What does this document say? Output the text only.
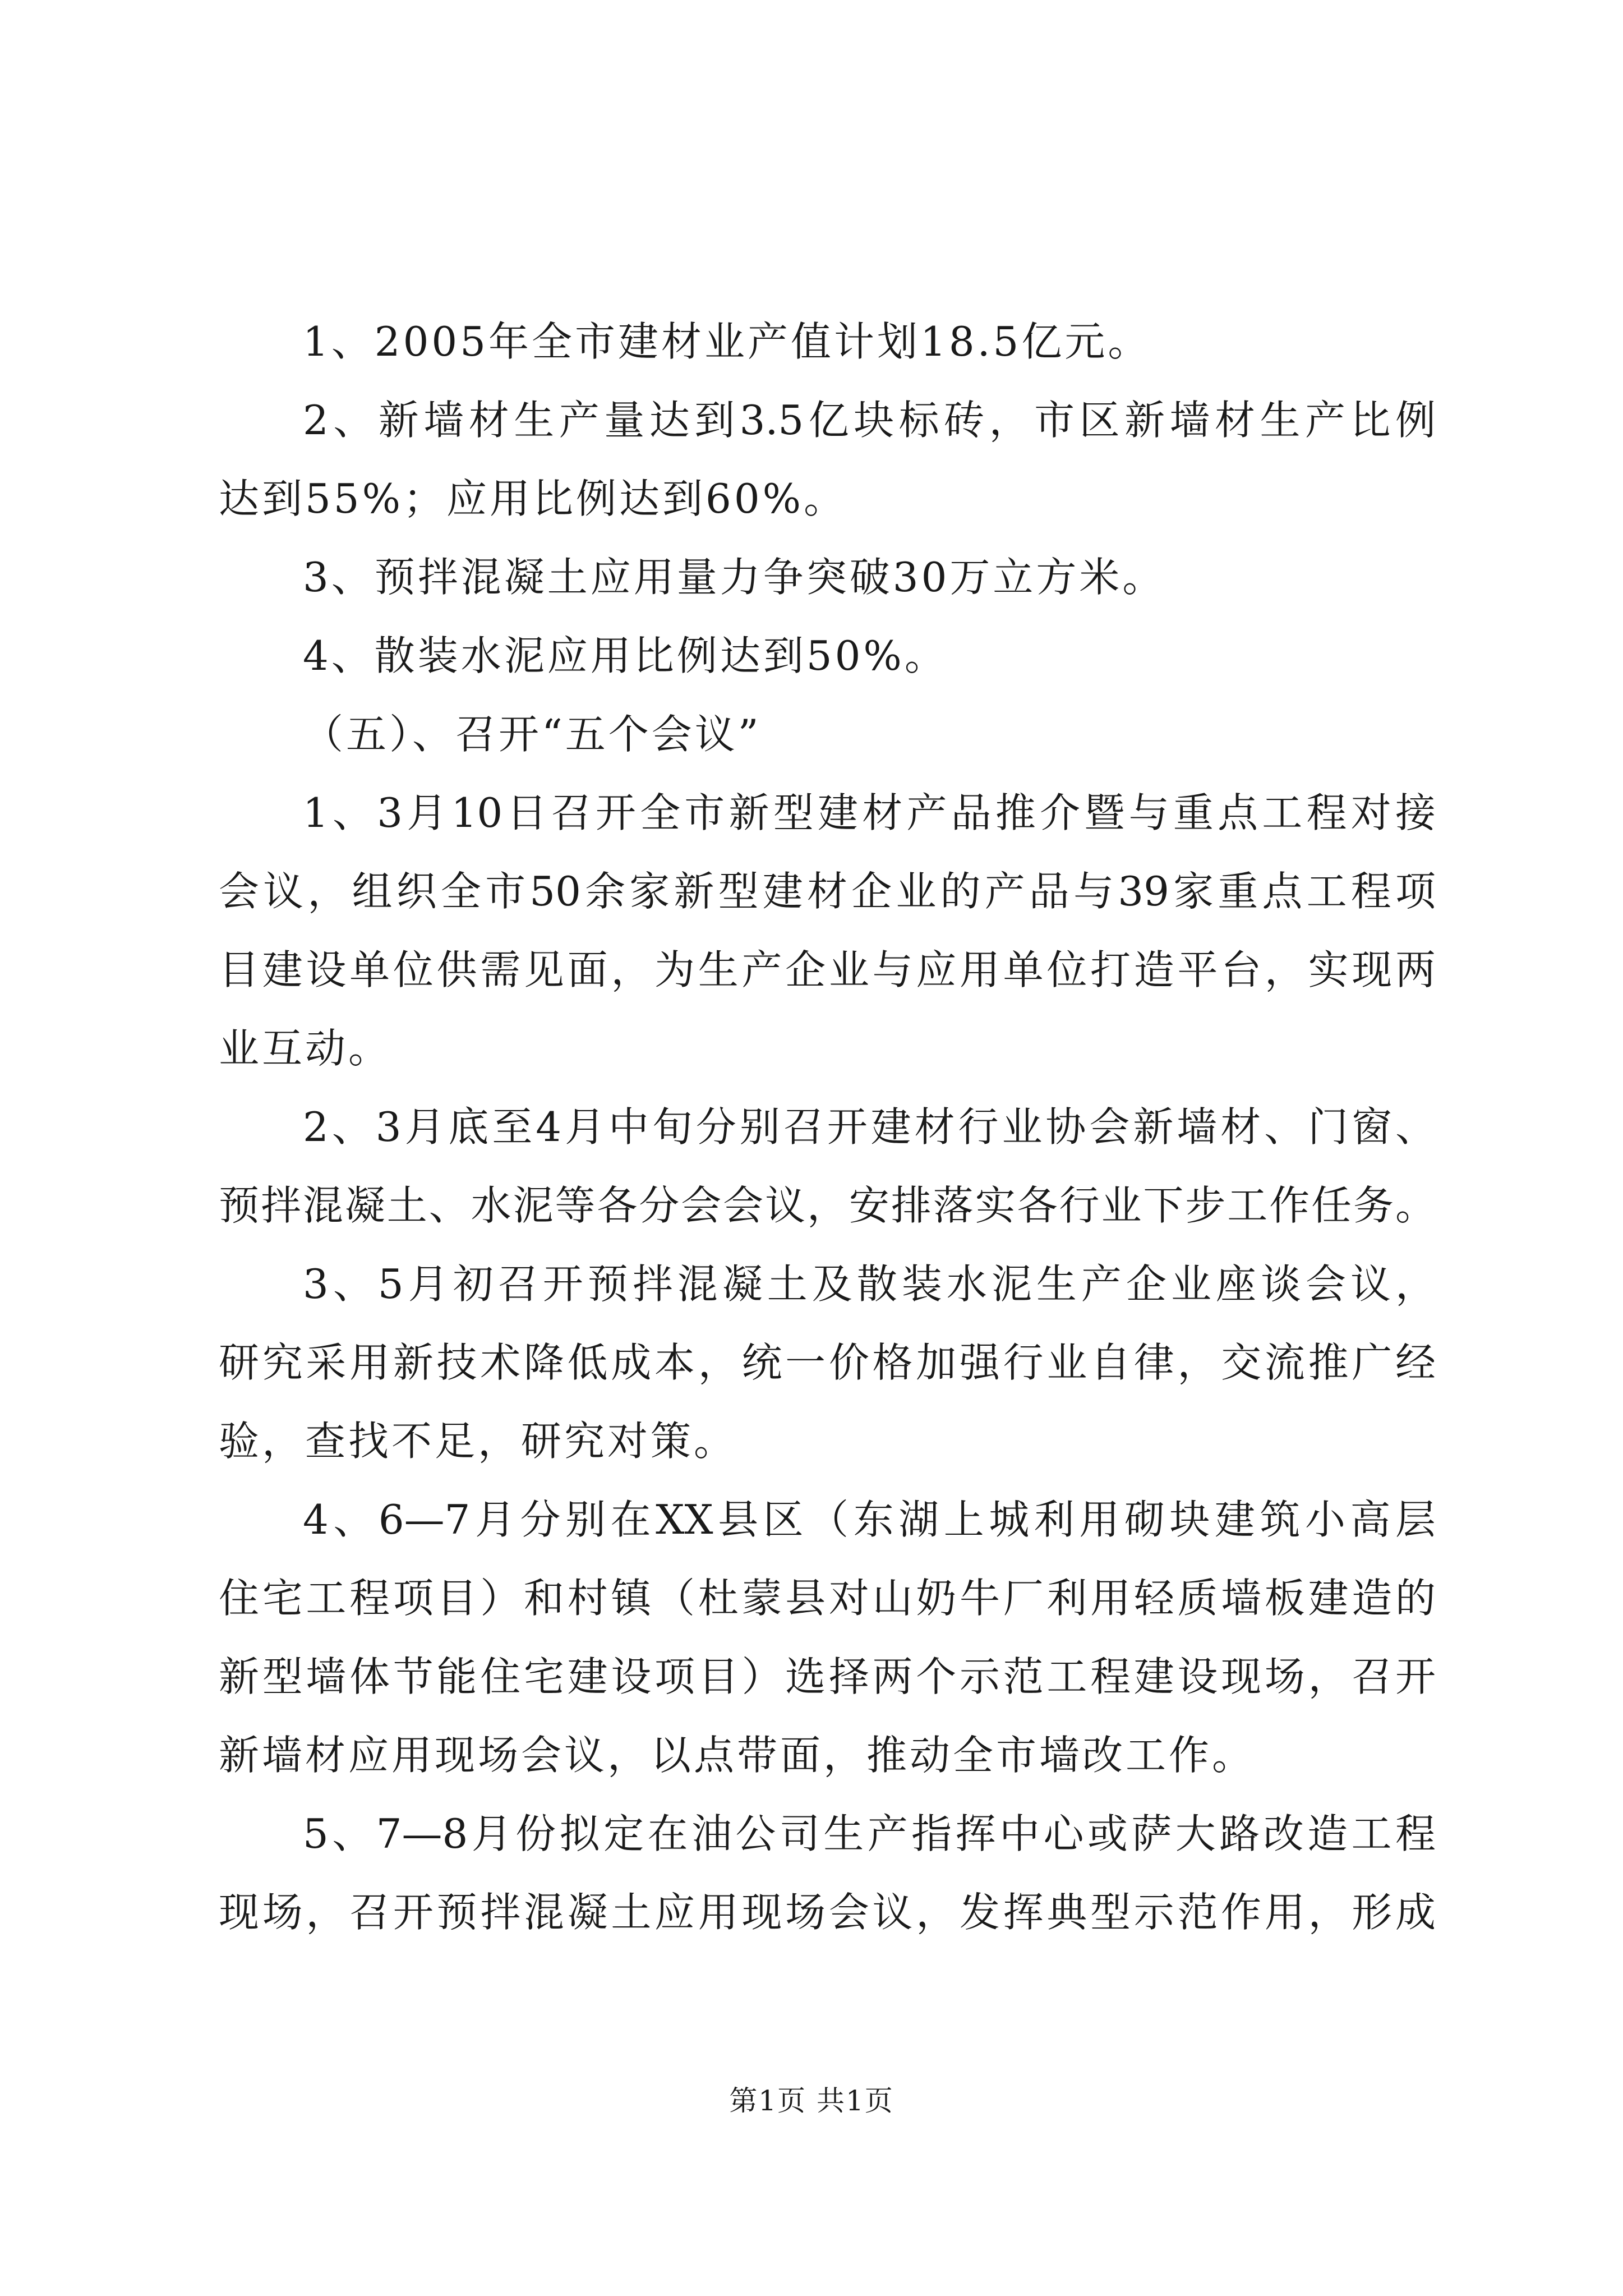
1、2005年全市建材业产值计划18.5亿元。
2、新墙材生产量达到3.5亿块标砖，市区新墙材生产比例
达到55%；应用比例达到60%。
3、预拌混凝土应用量力争突破30万立方米。
4、散装水泥应用比例达到50%。
（五）、召开“五个会议”
1、3月10日召开全市新型建材产品推介暨与重点工程对接
会议，组织全市50余家新型建材企业的产品与39家重点工程项
目建设单位供需见面，为生产企业与应用单位打造平台，实现两
业互动。
2、3月底至4月中旬分别召开建材行业协会新墙材、门窗、
预拌混凝土、水泥等各分会会议，安排落实各行业下步工作任务。
3、5月初召开预拌混凝土及散装水泥生产企业座谈会议，
研究采用新技术降低成本，统一价格加强行业自律，交流推广经
验，查找不足，研究对策。
4、6—7月分别在XX县区（东湖上城利用砌块建筑小高层
住宅工程项目）和村镇（杜蒙县对山奶牛厂利用轻质墙板建造的
新型墙体节能住宅建设项目）选择两个示范工程建设现场，召开
新墙材应用现场会议，以点带面，推动全市墙改工作。
5、7—8月份拟定在油公司生产指挥中心或萨大路改造工程
现场，召开预拌混凝土应用现场会议，发挥典型示范作用，形成
第1页 共1页
